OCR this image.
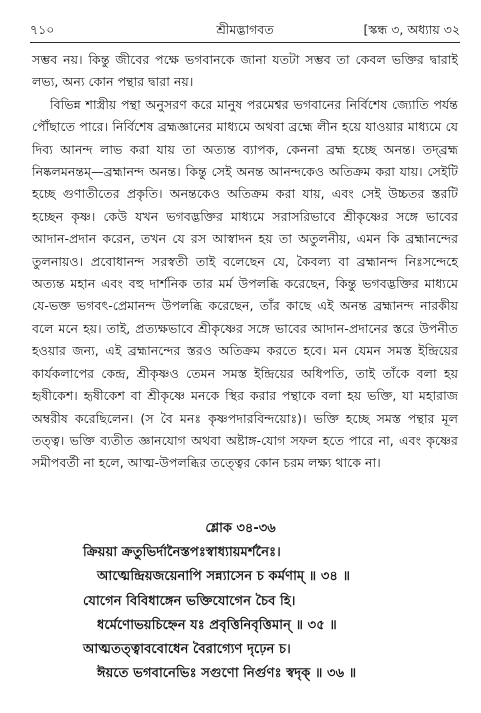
৭১০	শ্রীমদ্ভাগবত	[স্কন্ধ ৩, অধ্যায় ৩২

সম্ভব নয়। কিন্তু জীবের পক্ষে ভগবানকে জানা যতটা সম্ভব তা কেবল ভক্তির দ্বারাই লভ্য, অন্য কোন পন্থার দ্বারা নয়।

বিভিন্ন শাস্ত্রীয় পন্থা অনুসরণ করে মানুষ পরমেশ্বর ভগবানের নির্বিশেষ জ্যোতি পর্যন্ত পৌঁছাতে পারে। নির্বিশেষ ব্রহ্মজ্ঞানের মাধ্যমে অথবা ব্রহ্মে লীন হয়ে যাওয়ার মাধ্যমে যে দিব্য আনন্দ লাভ করা যায় তা অত্যন্ত ব্যাপক, কেননা ব্রহ্ম হচ্ছে অনন্ত। তদ্‌ব্রহ্ম নিষ্কলমনন্তম্—ব্রহ্মানন্দ অনন্ত। কিন্তু সেই অনন্ত আনন্দকেও অতিক্রম করা যায়। সেইটি হচ্ছে গুণাতীতের প্রকৃতি। অনন্তকেও অতিক্রম করা যায়, এবং সেই উচ্চতর স্তরটি হচ্ছেন কৃষ্ণ। কেউ যখন ভগবদ্ভক্তির মাধ্যমে সরাসরিভাবে শ্রীকৃষ্ণের সঙ্গে ভাবের আদান-প্রদান করেন, তখন যে রস আস্বাদন হয় তা অতুলনীয়, এমন কি ব্রহ্মানন্দের তুলনায়ও। প্রবোধানন্দ সরস্বতী তাই বলেছেন যে, কৈবল্য বা ব্রহ্মানন্দ নিঃসন্দেহে অত্যন্ত মহান এবং বহু দার্শনিক তার মর্ম উপলব্ধি করেছেন, কিন্তু ভগবদ্ভক্তির মাধ্যমে যে-ভক্ত ভগবৎ-প্রেমানন্দ উপলব্ধি করেছেন, তাঁর কাছে এই অনন্ত ব্রহ্মানন্দ নারকীয় বলে মনে হয়। তাই, প্রত্যক্ষভাবে শ্রীকৃষ্ণের সঙ্গে ভাবের আদান-প্রদানের স্তরে উপনীত হওয়ার জন্য, এই ব্রহ্মানন্দের স্তরও অতিক্রম করতে হবে। মন যেমন সমস্ত ইন্দ্রিয়ের কার্যকলাপের কেন্দ্র, শ্রীকৃষ্ণও তেমন সমস্ত ইন্দ্রিয়ের অধিপতি, তাই তাঁকে বলা হয় হৃষীকেশ। হৃষীকেশ বা শ্রীকৃষ্ণে মনকে স্থির করার পন্থাকে বলা হয় ভক্তি, যা মহারাজ অম্বরীষ করেছিলেন। (স বৈ মনঃ কৃষ্ণপদারবিন্দয়োঃ)। ভক্তি হচ্ছে সমস্ত পন্থার মূল তত্ত্ব। ভক্তি ব্যতীত জ্ঞানযোগ অথবা অষ্টাঙ্গ-যোগ সফল হতে পারে না, এবং কৃষ্ণের সমীপবর্তী না হলে, আত্ম-উপলব্ধির তত্ত্বের কোন চরম লক্ষ্য থাকে না।

শ্লোক ৩৪-৩৬
ক্রিয়য়া ক্রতুভির্দানৈস্তপঃস্বাধ্যায়মর্শনৈঃ।
আত্মেন্দ্রিয়জয়েনাপি সন্ন্যাসেন চ কর্মণাম্ ॥ ৩৪ ॥
যোগেন বিবিধাঙ্গেন ভক্তিযোগেন চৈব হি।
ধর্মেণোভয়চিহ্নেন যঃ প্রবৃত্তিনিবৃত্তিমান্ ॥ ৩৫ ॥
আত্মতত্ত্বাববোধেন বৈরাগ্যেণ দৃঢ়েন চ।
ঈয়তে ভগবানেভিঃ সগুণো নির্গুণঃ স্বদৃক্ ॥ ৩৬ ॥
